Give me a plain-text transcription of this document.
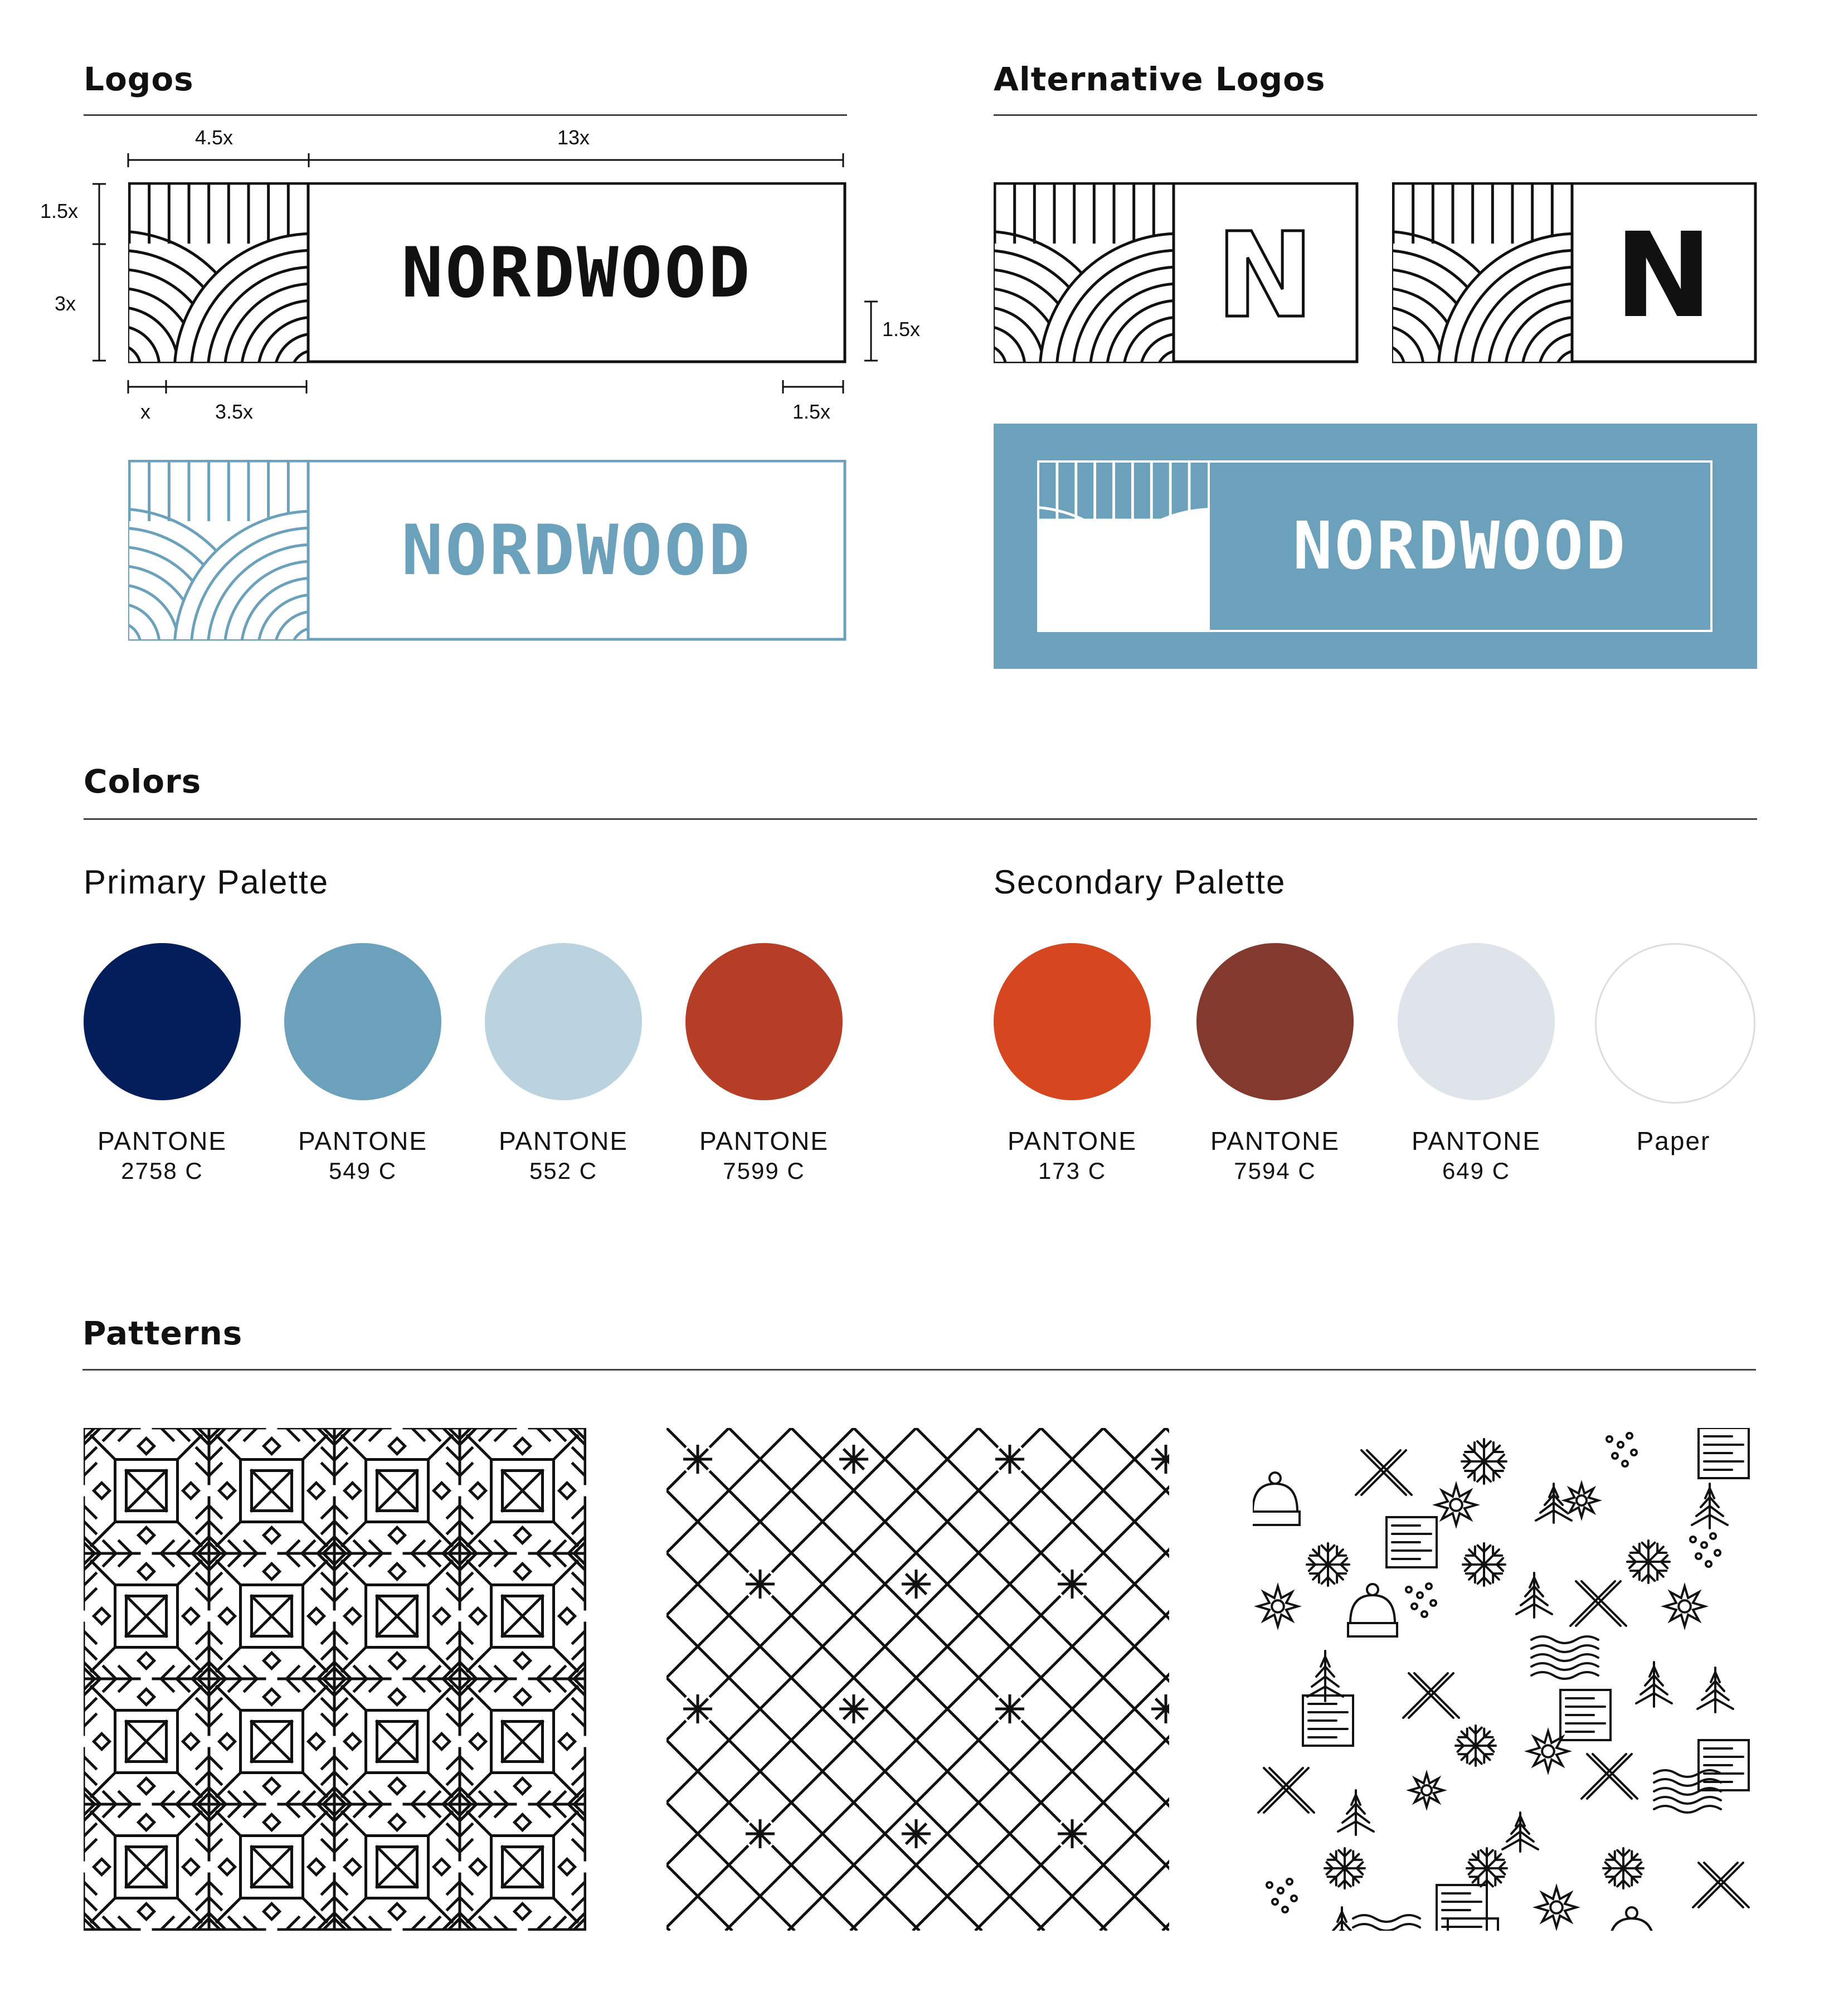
Logos	Alternative Logos
Colors
Patterns
4.5x	13x
1.5x
3x
1.5x
x	3.5x	1.5x
NORDWOOD
NORDWOOD
N	N
NORDWOOD
Primary Palette	Secondary Palette
PANTONE
2758 C
PANTONE
549 C
PANTONE
552 C
PANTONE
7599 C
PANTONE
173 C
PANTONE
7594 C
PANTONE
649 C
Paper
